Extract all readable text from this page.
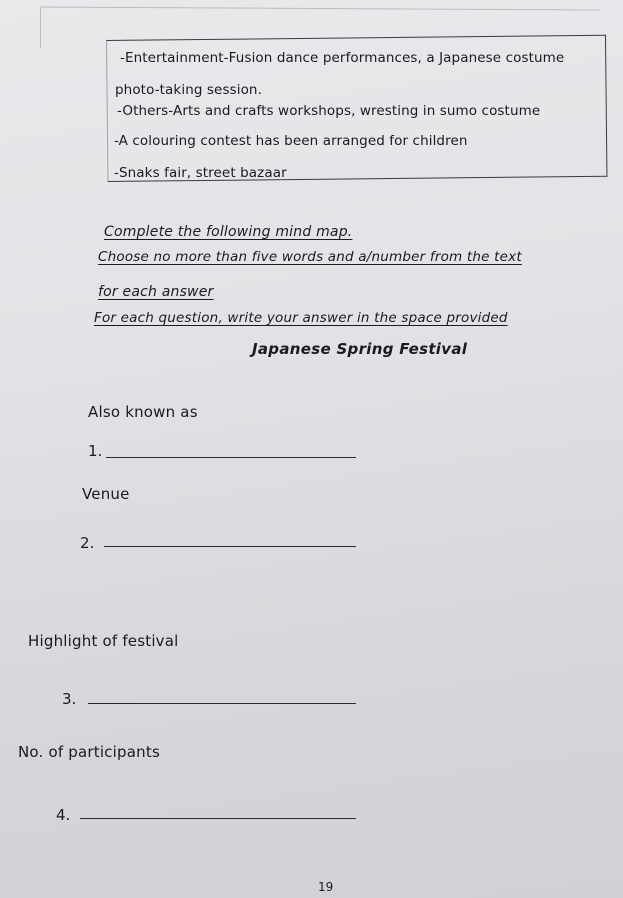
-Entertainment-Fusion dance performances, a Japanese costume
photo-taking session.
-Others-Arts and crafts workshops, wresting in sumo costume
-A colouring contest has been arranged for children
-Snaks fair, street bazaar
Complete the following mind map.
Choose no more than five words and a/number from the text
for each answer
For each question, write your answer in the space provided
Japanese Spring Festival
Also known as
1.
Venue
2.
Highlight of festival
3.
No. of participants
4.
19
